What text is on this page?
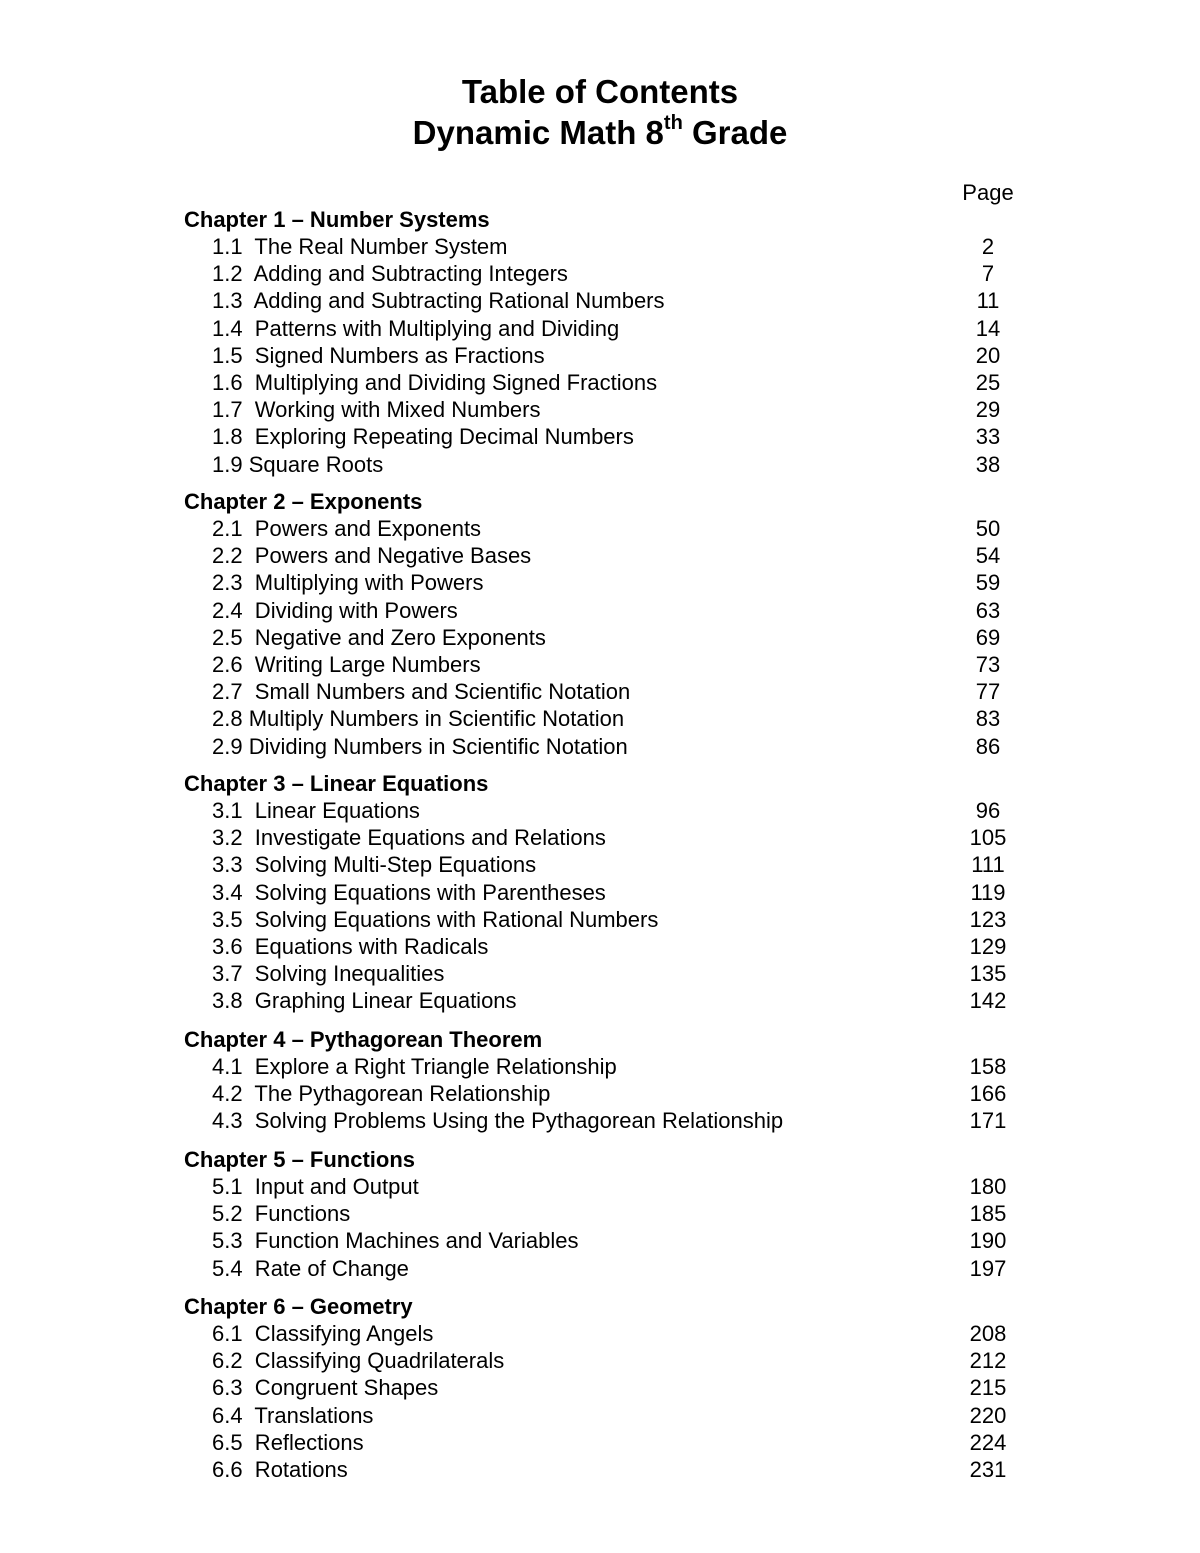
Table of Contents
Dynamic Math 8th Grade
Page
Chapter 1 – Number Systems
1.1  The Real Number System	2
1.2  Adding and Subtracting Integers	7
1.3  Adding and Subtracting Rational Numbers	11
1.4  Patterns with Multiplying and Dividing	14
1.5  Signed Numbers as Fractions	20
1.6  Multiplying and Dividing Signed Fractions	25
1.7  Working with Mixed Numbers	29
1.8  Exploring Repeating Decimal Numbers	33
1.9 Square Roots	38
Chapter 2 – Exponents
2.1  Powers and Exponents	50
2.2  Powers and Negative Bases	54
2.3  Multiplying with Powers	59
2.4  Dividing with Powers	63
2.5  Negative and Zero Exponents	69
2.6  Writing Large Numbers	73
2.7  Small Numbers and Scientific Notation	77
2.8 Multiply Numbers in Scientific Notation	83
2.9 Dividing Numbers in Scientific Notation	86
Chapter 3 – Linear Equations
3.1  Linear Equations	96
3.2  Investigate Equations and Relations	105
3.3  Solving Multi-Step Equations	111
3.4  Solving Equations with Parentheses	119
3.5  Solving Equations with Rational Numbers	123
3.6  Equations with Radicals	129
3.7  Solving Inequalities	135
3.8  Graphing Linear Equations	142
Chapter 4 – Pythagorean Theorem
4.1  Explore a Right Triangle Relationship	158
4.2  The Pythagorean Relationship	166
4.3  Solving Problems Using the Pythagorean Relationship	171
Chapter 5 – Functions
5.1  Input and Output	180
5.2  Functions	185
5.3  Function Machines and Variables	190
5.4  Rate of Change	197
Chapter 6 – Geometry
6.1  Classifying Angels	208
6.2  Classifying Quadrilaterals	212
6.3  Congruent Shapes	215
6.4  Translations	220
6.5  Reflections	224
6.6  Rotations	231
